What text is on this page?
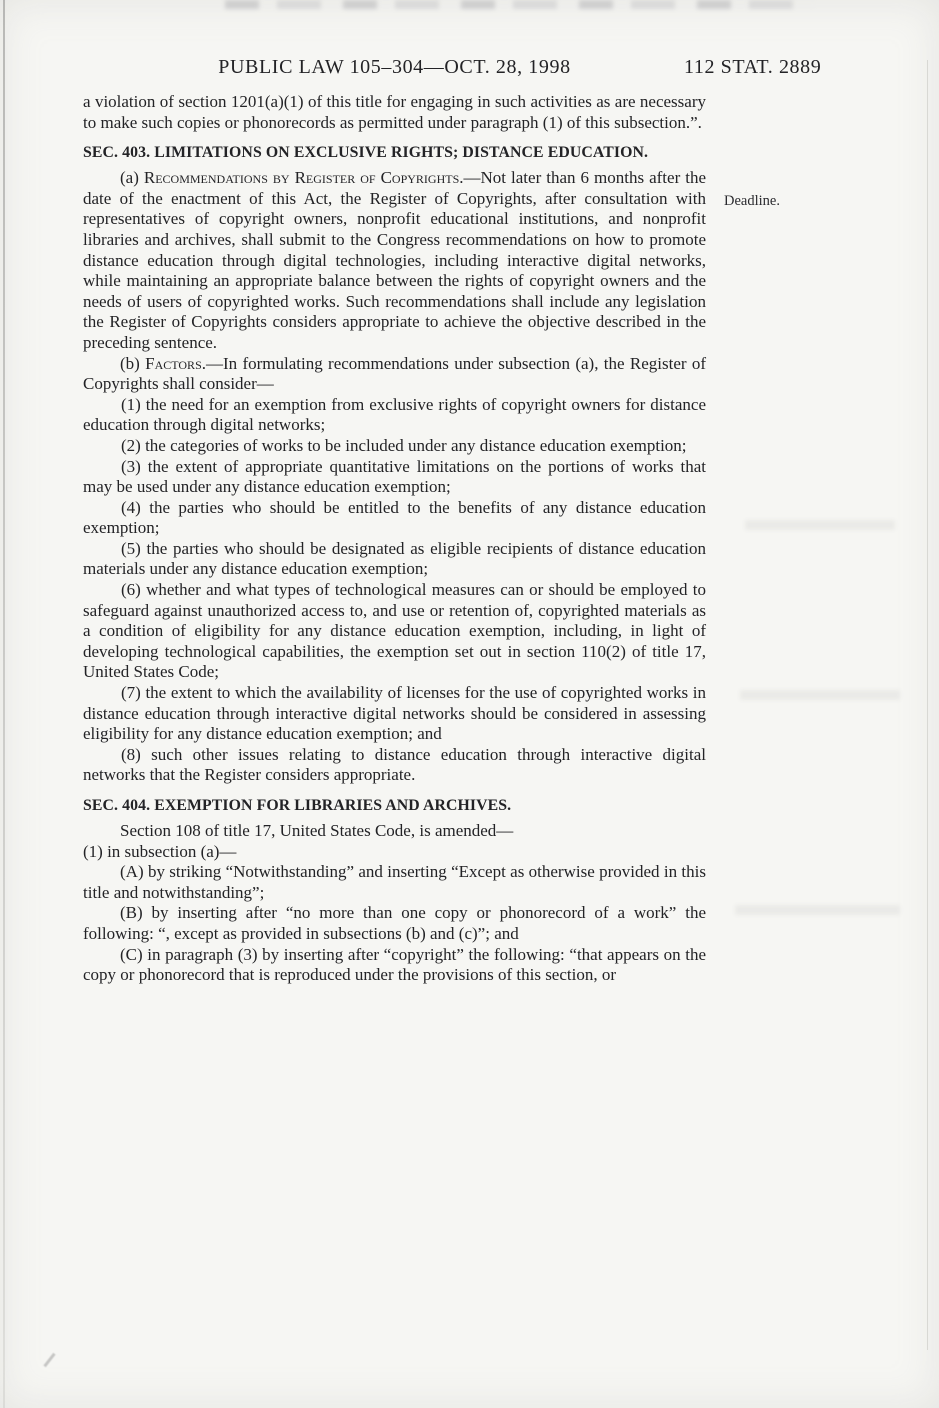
PUBLIC LAW 105–304—OCT. 28, 1998	112 STAT. 2889
Deadline.

a violation of section 1201(a)(1) of this title for engaging in such activities as are necessary to make such copies or phonorecords as permitted under paragraph (1) of this subsection.”.

SEC. 403. LIMITATIONS ON EXCLUSIVE RIGHTS; DISTANCE EDUCATION.

(a) Recommendations by Register of Copyrights.—Not later than 6 months after the date of the enactment of this Act, the Register of Copyrights, after consultation with representatives of copyright owners, nonprofit educational institutions, and nonprofit libraries and archives, shall submit to the Congress recommendations on how to promote distance education through digital technologies, including interactive digital networks, while maintaining an appropriate balance between the rights of copyright owners and the needs of users of copyrighted works. Such recommendations shall include any legislation the Register of Copyrights considers appropriate to achieve the objective described in the preceding sentence.

(b) Factors.—In formulating recommendations under subsection (a), the Register of Copyrights shall consider—

(1) the need for an exemption from exclusive rights of copyright owners for distance education through digital networks;

(2) the categories of works to be included under any distance education exemption;

(3) the extent of appropriate quantitative limitations on the portions of works that may be used under any distance education exemption;

(4) the parties who should be entitled to the benefits of any distance education exemption;

(5) the parties who should be designated as eligible recipients of distance education materials under any distance education exemption;

(6) whether and what types of technological measures can or should be employed to safeguard against unauthorized access to, and use or retention of, copyrighted materials as a condition of eligibility for any distance education exemption, including, in light of developing technological capabilities, the exemption set out in section 110(2) of title 17, United States Code;

(7) the extent to which the availability of licenses for the use of copyrighted works in distance education through interactive digital networks should be considered in assessing eligibility for any distance education exemption; and

(8) such other issues relating to distance education through interactive digital networks that the Register considers appropriate.

SEC. 404. EXEMPTION FOR LIBRARIES AND ARCHIVES.

Section 108 of title 17, United States Code, is amended—

(1) in subsection (a)—

(A) by striking “Notwithstanding” and inserting “Except as otherwise provided in this title and notwithstanding”;

(B) by inserting after “no more than one copy or phonorecord of a work” the following: “, except as provided in subsections (b) and (c)”; and

(C) in paragraph (3) by inserting after “copyright” the following: “that appears on the copy or phonorecord that is reproduced under the provisions of this section, or
